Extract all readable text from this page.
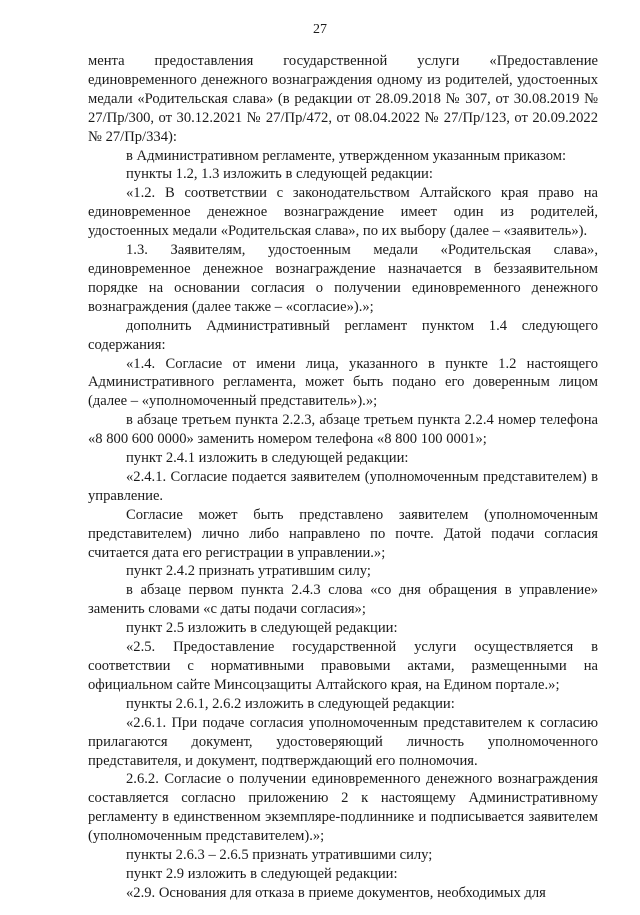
27

мента предоставления государственной услуги «Предоставление единовременного денежного вознаграждения одному из родителей, удостоенных медали «Родительская слава» (в редакции от 28.09.2018 № 307, от 30.08.2019 № 27/Пр/300, от 30.12.2021 № 27/Пр/472, от 08.04.2022 № 27/Пр/123, от 20.09.2022 № 27/Пр/334):

в Административном регламенте, утвержденном указанным приказом:

пункты 1.2, 1.3 изложить в следующей редакции:

«1.2. В соответствии с законодательством Алтайского края право на единовременное денежное вознаграждение имеет один из родителей, удостоенных медали «Родительская слава», по их выбору (далее – «заявитель»).

1.3. Заявителям, удостоенным медали «Родительская слава», единовременное денежное вознаграждение назначается в беззаявительном порядке на основании согласия о получении единовременного денежного вознаграждения (далее также – «согласие»).»;

дополнить Административный регламент пунктом 1.4 следующего содержания:

«1.4. Согласие от имени лица, указанного в пункте 1.2 настоящего Административного регламента, может быть подано его доверенным лицом (далее – «уполномоченный представитель»).»;

в абзаце третьем пункта 2.2.3, абзаце третьем пункта 2.2.4 номер телефона «8 800 600 0000» заменить номером телефона «8 800 100 0001»;

пункт 2.4.1 изложить в следующей редакции:

«2.4.1. Согласие подается заявителем (уполномоченным представителем) в управление.

Согласие может быть представлено заявителем (уполномоченным представителем) лично либо направлено по почте. Датой подачи согласия считается дата его регистрации в управлении.»;

пункт 2.4.2 признать утратившим силу;

в абзаце первом пункта 2.4.3 слова «со дня обращения в управление» заменить словами «с даты подачи согласия»;

пункт 2.5 изложить в следующей редакции:

«2.5. Предоставление государственной услуги осуществляется в соответствии с нормативными правовыми актами, размещенными на официальном сайте Минсоцзащиты Алтайского края, на Едином портале.»;

пункты 2.6.1, 2.6.2 изложить в следующей редакции:

«2.6.1. При подаче согласия уполномоченным представителем к согласию прилагаются документ, удостоверяющий личность уполномоченного представителя, и документ, подтверждающий его полномочия.

2.6.2. Согласие о получении единовременного денежного вознаграждения составляется согласно приложению 2 к настоящему Административному регламенту в единственном экземпляре-подлиннике и подписывается заявителем (уполномоченным представителем).»;

пункты 2.6.3 – 2.6.5 признать утратившими силу;

пункт 2.9 изложить в следующей редакции:

«2.9. Основания для отказа в приеме документов, необходимых для
